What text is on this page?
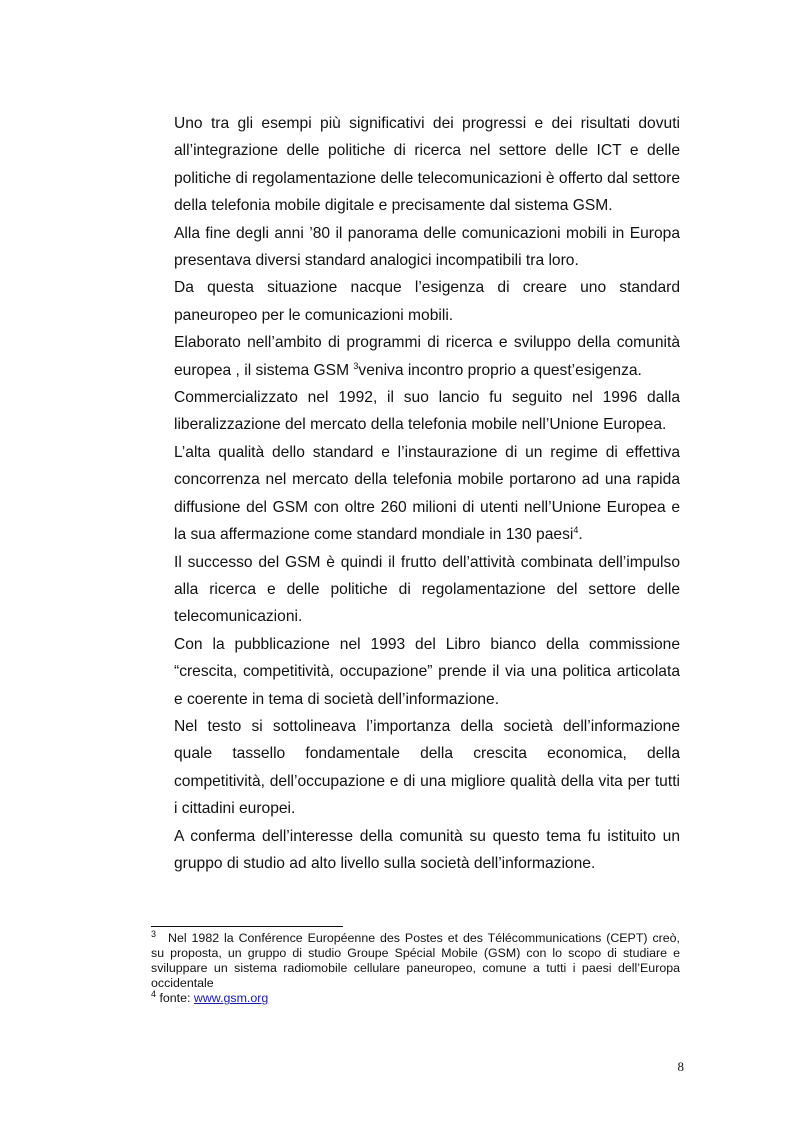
Uno tra gli esempi più significativi dei progressi e dei risultati dovuti all’integrazione delle politiche di ricerca nel settore delle ICT e delle politiche di regolamentazione delle telecomunicazioni è offerto dal settore della telefonia mobile digitale e precisamente dal sistema GSM.

Alla fine degli anni ’80 il panorama delle comunicazioni mobili in Europa presentava diversi standard analogici incompatibili tra loro.

Da questa situazione nacque l’esigenza di creare uno standard paneuropeo per le comunicazioni mobili.

Elaborato nell’ambito di programmi di ricerca e sviluppo della comunità europea , il sistema GSM $^3$veniva incontro proprio a quest’esigenza.

Commercializzato nel 1992, il suo lancio fu seguito nel 1996 dalla liberalizzazione del mercato della telefonia mobile nell’Unione Europea.

L’alta qualità dello standard e l’instaurazione di un regime di effettiva concorrenza nel mercato della telefonia mobile portarono ad una rapida diffusione del GSM con oltre 260 milioni di utenti nell’Unione Europea e la sua affermazione come standard mondiale in 130 paesi$^4$.

Il successo del GSM è quindi il frutto dell’attività combinata dell’impulso alla ricerca e delle politiche di regolamentazione del settore delle telecomunicazioni.

Con la pubblicazione nel 1993 del Libro bianco della commissione “crescita, competitività, occupazione” prende il via una politica articolata e coerente in tema di società dell’informazione.

Nel testo si sottolineava l’importanza della società dell’informazione quale tassello fondamentale della crescita economica, della competitività, dell’occupazione e di una migliore qualità della vita per tutti i cittadini europei.

A conferma dell’interesse della comunità su questo tema fu istituito un gruppo di studio ad alto livello sulla società dell’informazione.

$^3$ Nel 1982 la Conférence Européenne des Postes et des Télécommunications (CEPT) creò, su proposta, un gruppo di studio Groupe Spécial Mobile (GSM) con lo scopo di studiare e sviluppare un sistema radiomobile cellulare paneuropeo, comune a tutti i paesi dell’Europa occidentale

$^4$ fonte: www.gsm.org

8
